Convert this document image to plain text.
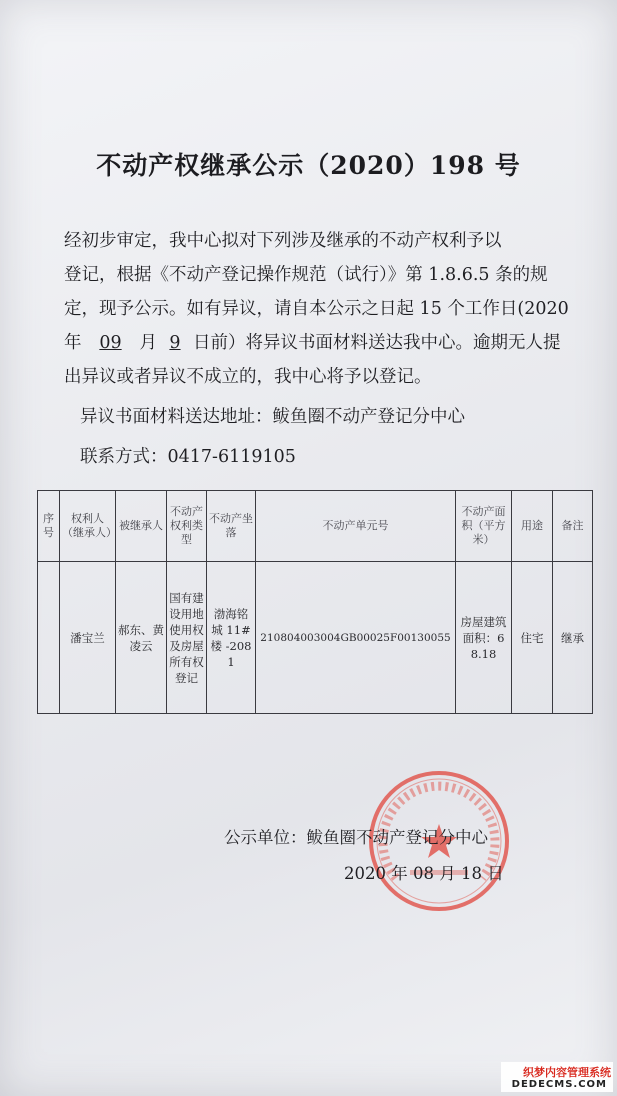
不动产权继承公示（2020）198 号
经初步审定，我中心拟对下列涉及继承的不动产权利予以
登记，根据《不动产登记操作规范（试行）》第 1.8.6.5 条的规
定，现予公示。如有异议，请自本公示之日起 15 个工作日(2020
年 09 月 9 日前）将异议书面材料送达我中心。逾期无人提
出异议或者异议不成立的，我中心将予以登记。
异议书面材料送达地址：鲅鱼圈不动产登记分中心
联系方式：0417-6119105
序号	权利人（继承人）	被继承人	不动产权利类型	不动产坐落	不动产单元号	不动产面积（平方米）	用途	备注
	潘宝兰	郝东、黄凌云	国有建设用地使用权及房屋所有权登记	渤海铭城 11# 楼 -2081	210804003004GB00025F00130055	房屋建筑面积：68.18	住宅	继承
公示单位：鲅鱼圈不动产登记分中心
2020 年 08 月 18 日
织梦内容管理系统
DEDECMS.COM
